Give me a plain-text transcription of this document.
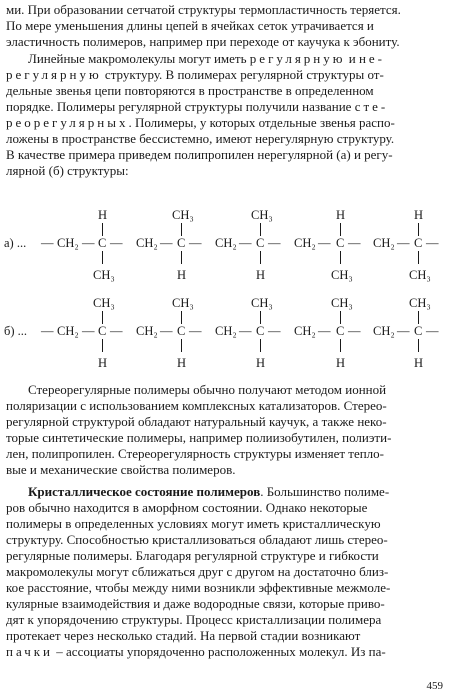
ми. При образовании сетчатой структуры термопластичность теряется.
По мере уменьшения длины цепей в ячейках сеток утрачивается и
эластичность полимеров, например при переходе от каучука к эбониту.
Линейные макромолекулы могут иметь регулярную и не-
регулярную структуру. В полимерах регулярной структуры от-
дельные звенья цепи повторяются в пространстве в определенном
порядке. Полимеры регулярной структуры получили название сте-
реорегулярных. Полимеры, у которых отдельные звенья распо-
ложены в пространстве бессистемно, имеют нерегулярную структуру.
В качестве примера приведем полипропилен нерегулярной (а) и регу-
лярной (б) структуры:
а) ... — CH₂ — C
H
CH₃
— CH₂ — C
CH₃
H
— CH₂ — C
CH₃
H
— CH₂ — C
H
CH₃
— CH₂ — C
H
CH₃
—
б) ... — CH₂ — C
CH₃
H
— CH₂ — C
CH₃
H
— CH₂ — C
CH₃
H
— CH₂ — C
CH₃
H
— CH₂ — C
CH₃
H
—
Стереорегулярные полимеры обычно получают методом ионной
поляризации с использованием комплексных катализаторов. Стерео-
регулярной структурой обладают натуральный каучук, а также неко-
торые синтетические полимеры, например полиизобутилен, полиэти-
лен, полипропилен. Стереорегулярность структуры изменяет тепло-
вые и механические свойства полимеров.
Кристаллическое состояние полимеров. Большинство полиме-
ров обычно находится в аморфном состоянии. Однако некоторые
полимеры в определенных условиях могут иметь кристаллическую
структуру. Способностью кристаллизоваться обладают лишь стерео-
регулярные полимеры. Благодаря регулярной структуре и гибкости
макромолекулы могут сближаться друг с другом на достаточно близ-
кое расстояние, чтобы между ними возникли эффективные межмоле-
кулярные взаимодействия и даже водородные связи, которые приво-
дят к упорядочению структуры. Процесс кристаллизации полимера
протекает через несколько стадий. На первой стадии возникают
пачки – ассоциаты упорядоченно расположенных молекул. Из па-
459
